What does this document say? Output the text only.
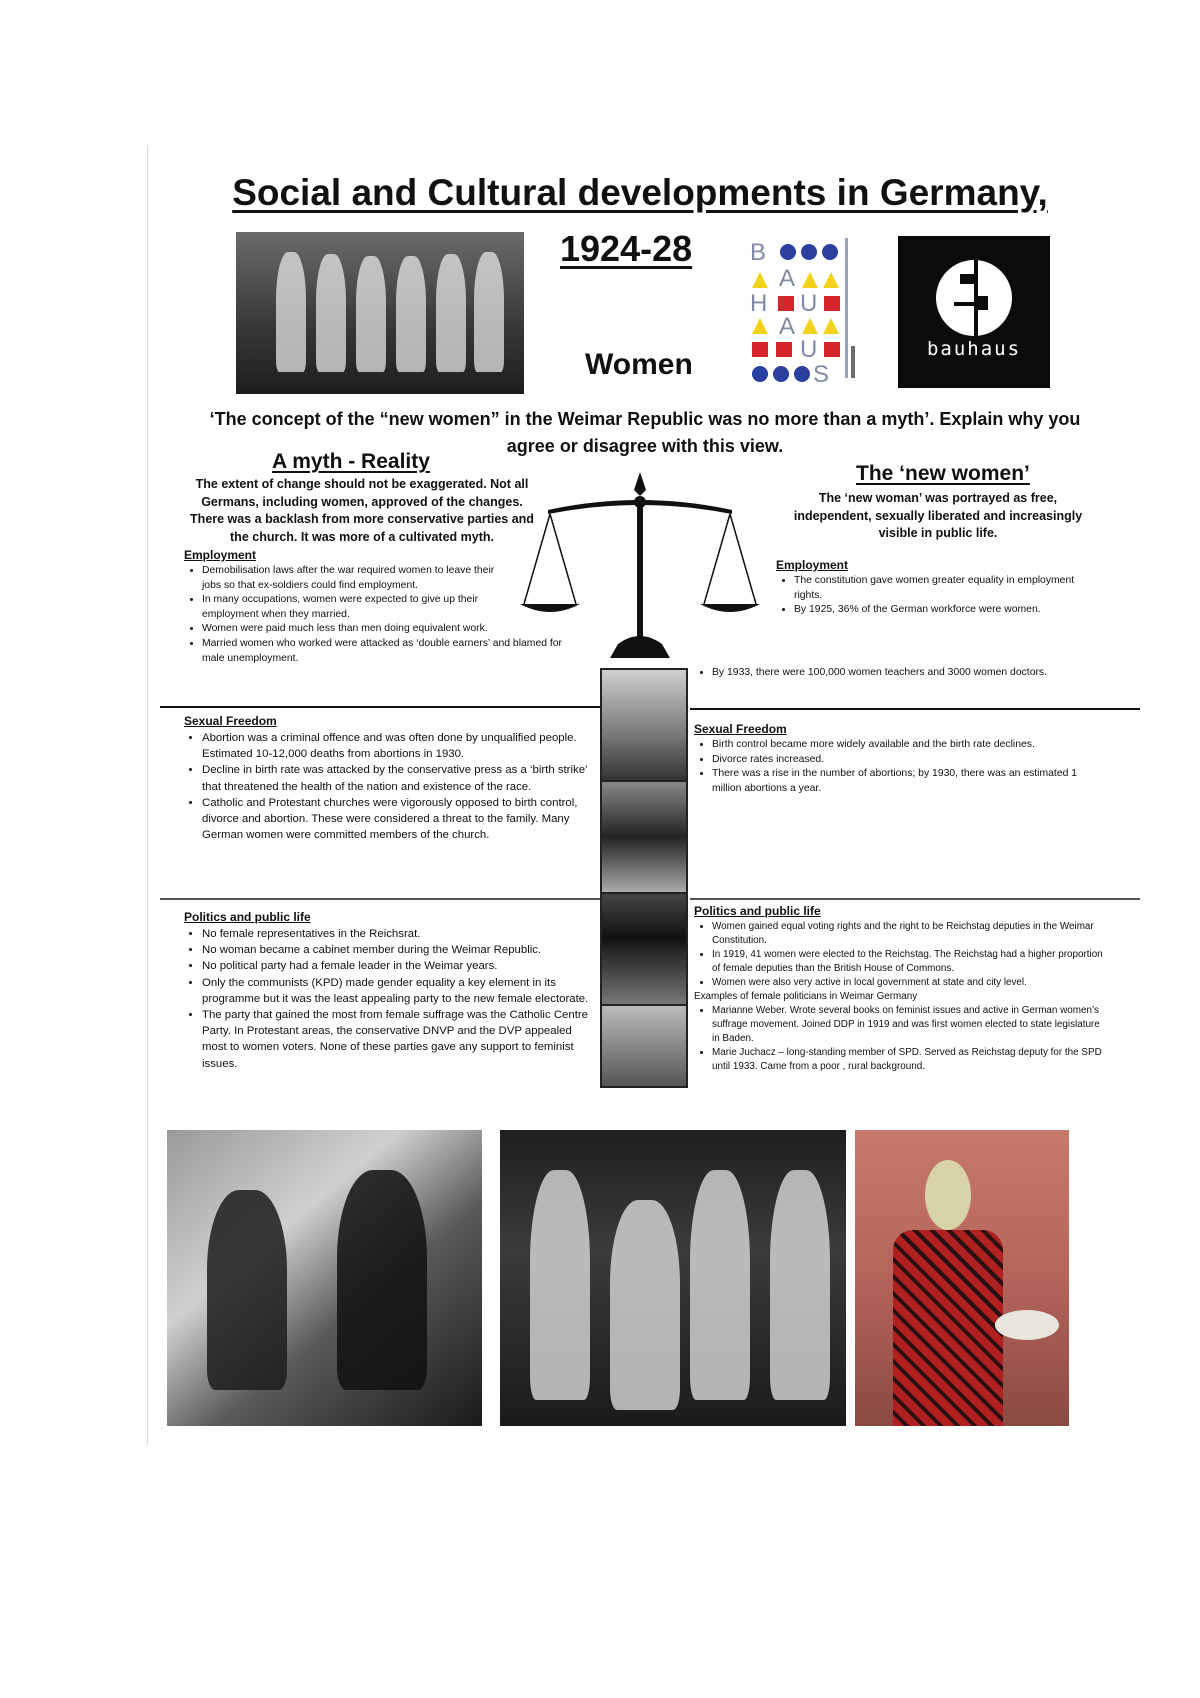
Social and Cultural developments in Germany,
1924-28
Women
B
A
H U
A
U
S
bauhaus
‘The concept of the “new women” in the Weimar Republic was no more than a myth’. Explain why you agree or disagree with this view.
A myth - Reality
The extent of change should not be exaggerated. Not all Germans, including women, approved of the changes. There was a backlash from more conservative parties and the church. It was more of a cultivated myth.
Employment
• Demobilisation laws after the war required women to leave their jobs so that ex-soldiers could find employment.
• In many occupations, women were expected to give up their employment when they married.
• Women were paid much less than men doing equivalent work.
• Married women who worked were attacked as ‘double earners’ and blamed for male unemployment.
Sexual Freedom
• Abortion was a criminal offence and was often done by unqualified people. Estimated 10-12,000 deaths from abortions in 1930.
• Decline in birth rate was attacked by the conservative press as a ‘birth strike’ that threatened the health of the nation and existence of the race.
• Catholic and Protestant churches were vigorously opposed to birth control, divorce and abortion. These were considered a threat to the family. Many German women were committed members of the church.
Politics and public life
• No female representatives in the Reichsrat.
• No woman became a cabinet member during the Weimar Republic.
• No political party had a female leader in the Weimar years.
• Only the communists (KPD) made gender equality a key element in its programme but it was the least appealing party to the new female electorate.
• The party that gained the most from female suffrage was the Catholic Centre Party. In Protestant areas, the conservative DNVP and the DVP appealed most to women voters. None of these parties gave any support to feminist issues.
The ‘new women’
The ‘new woman’ was portrayed as free, independent, sexually liberated and increasingly visible in public life.
Employment
• The constitution gave women greater equality in employment rights.
• By 1925, 36% of the German workforce were women.
• By 1933, there were 100,000 women teachers and 3000 women doctors.
Sexual Freedom
• Birth control became more widely available and the birth rate declines.
• Divorce rates increased.
• There was a rise in the number of abortions; by 1930, there was an estimated 1 million abortions a year.
Politics and public life
• Women gained equal voting rights and the right to be Reichstag deputies in the Weimar Constitution.
• In 1919, 41 women were elected to the Reichstag. The Reichstag had a higher proportion of female deputies than the British House of Commons.
• Women were also very active in local government at state and city level.
Examples of female politicians in Weimar Germany
• Marianne Weber. Wrote several books on feminist issues and active in German women’s suffrage movement. Joined DDP in 1919 and was first women elected to state legislature in Baden.
• Marie Juchacz – long-standing member of SPD. Served as Reichstag deputy for the SPD until 1933. Came from a poor , rural background.
